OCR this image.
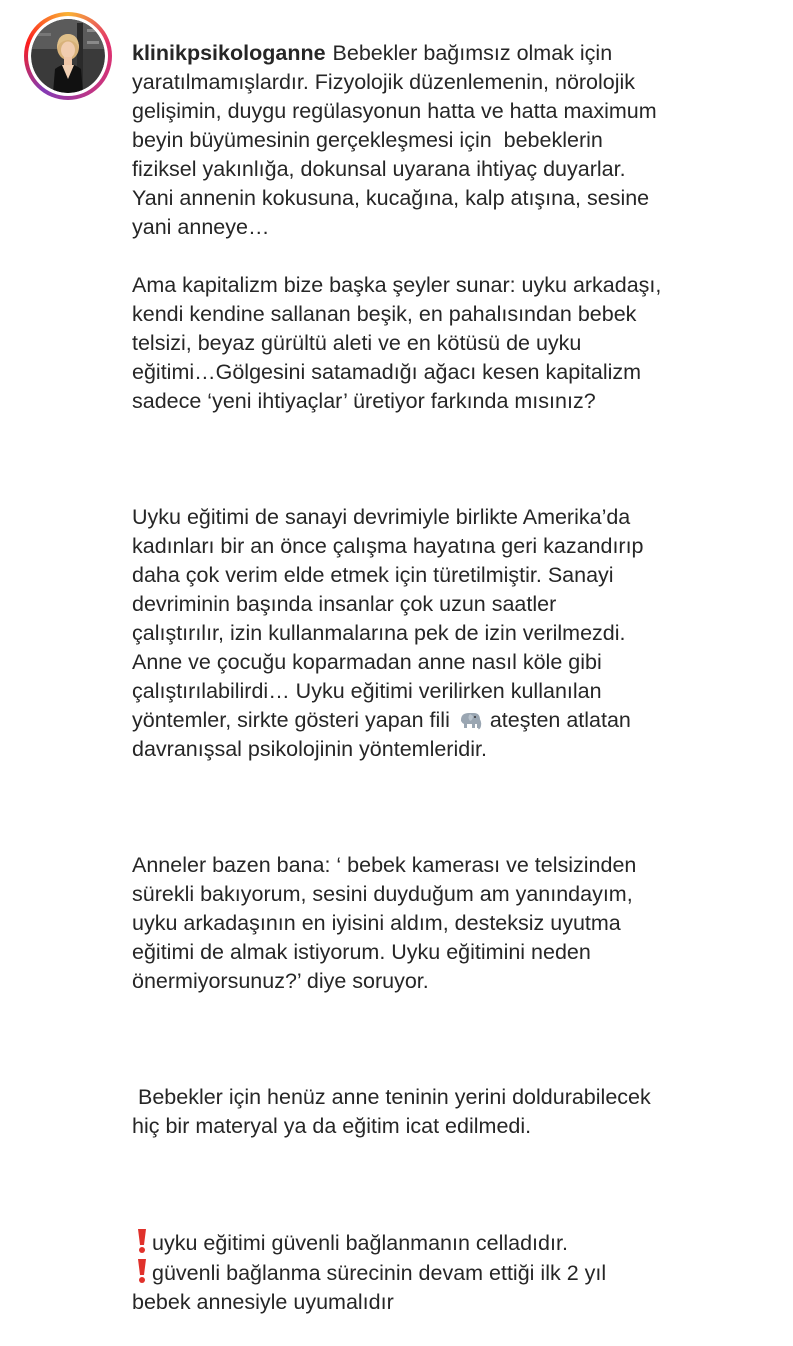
klinikpsikologanne Bebekler bağımsız olmak için
yaratılmamışlardır. Fizyolojik düzenlemenin, nörolojik
gelişimin, duygu regülasyonun hatta ve hatta maximum
beyin büyümesinin gerçekleşmesi için  bebeklerin
fiziksel yakınlığa, dokunsal uyarana ihtiyaç duyarlar.
Yani annenin kokusuna, kucağına, kalp atışına, sesine
yani anneye…

Ama kapitalizm bize başka şeyler sunar: uyku arkadaşı,
kendi kendine sallanan beşik, en pahalısından bebek
telsizi, beyaz gürültü aleti ve en kötüsü de uyku
eğitimi…Gölgesini satamadığı ağacı kesen kapitalizm
sadece ‘yeni ihtiyaçlar’ üretiyor farkında mısınız?

Uyku eğitimi de sanayi devrimiyle birlikte Amerika’da
kadınları bir an önce çalışma hayatına geri kazandırıp
daha çok verim elde etmek için türetilmiştir. Sanayi
devriminin başında insanlar çok uzun saatler
çalıştırılır, izin kullanmalarına pek de izin verilmezdi.
Anne ve çocuğu koparmadan anne nasıl köle gibi
çalıştırılabilirdi… Uyku eğitimi verilirken kullanılan
yöntemler, sirkte gösteri yapan fili  ateşten atlatan
davranışsal psikolojinin yöntemleridir.

Anneler bazen bana: ‘ bebek kamerası ve telsizinden
sürekli bakıyorum, sesini duyduğum am yanındayım,
uyku arkadaşının en iyisini aldım, desteksiz uyutma
eğitimi de almak istiyorum. Uyku eğitimini neden
önermiyorsunuz?’ diye soruyor.

Bebekler için henüz anne teninin yerini doldurabilecek
hiç bir materyal ya da eğitim icat edilmedi.

uyku eğitimi güvenli bağlanmanın celladıdır.
güvenli bağlanma sürecinin devam ettiği ilk 2 yıl
bebek annesiyle uyumalıdır
